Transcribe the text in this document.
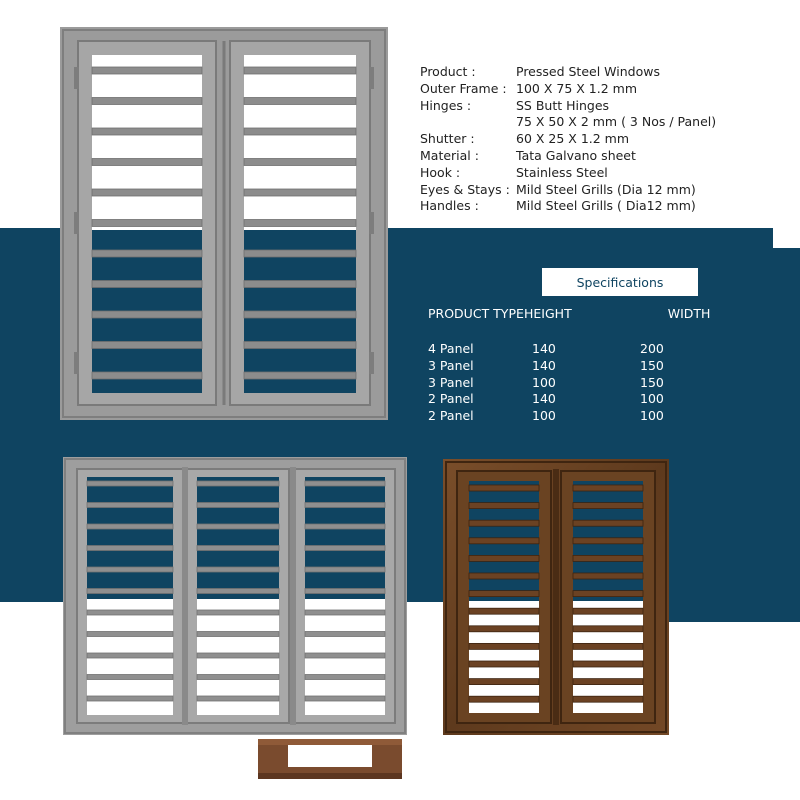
Product :	Pressed Steel Windows
Outer Frame : 100 X 75 X 1.2 mm
Hinges :	SS Butt Hinges
75 X 50 X 2 mm ( 3 Nos / Panel)
Shutter :	60 X 25 X 1.2 mm
Material :	Tata Galvano sheet
Hook :	Stainless Steel
Eyes & Stays : Mild Steel Grills (Dia 12 mm)
Handles :	Mild Steel Grills ( Dia12 mm)
Specifications
PRODUCT TYPE HEIGHT	WIDTH
4 Panel	140	200
3 Panel	140	150
3 Panel	100	150
2 Panel	140	100
2 Panel	100	100
